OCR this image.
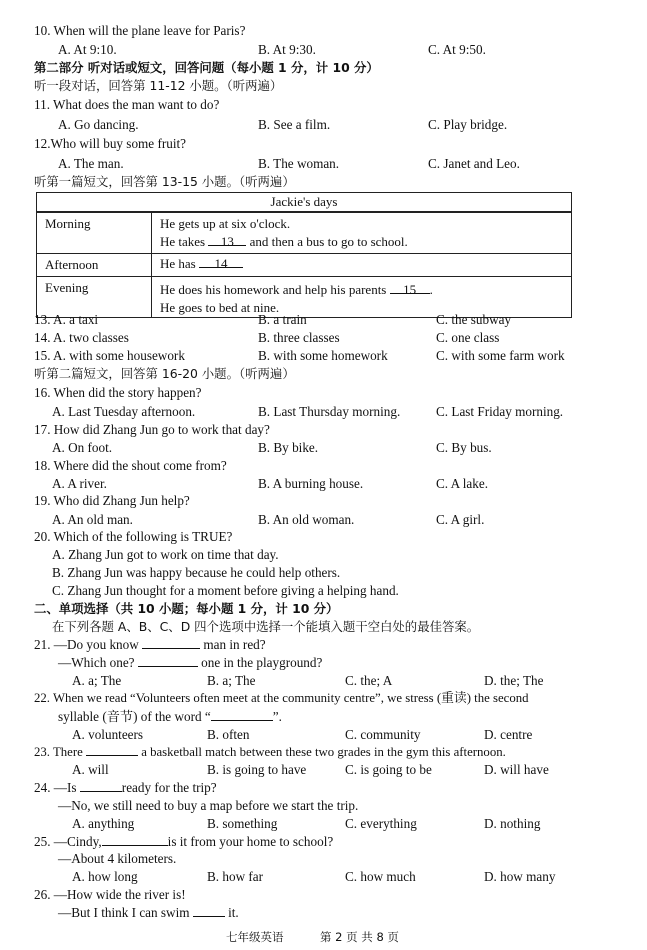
10. When will the plane leave for Paris?
A. At 9:10.	B. At 9:30.	C. At 9:50.
第二部分 听对话或短文，回答问题（每小题 1 分，计 10 分）
听一段对话，回答第 11-12 小题。（听两遍）
11. What does the man want to do?
A. Go dancing.	B. See a film.	C. Play bridge.
12.Who will buy some fruit?
A. The man.	B. The woman.	C. Janet and Leo.
听第一篇短文，回答第 13-15 小题。（听两遍）
Jackie's days	
Morning	He gets up at six o'clock.
He takes 13 and then a bus to go to school.

Afternoon	He has 14
Evening	He does his homework and help his parents 15 .
He goes to bed at nine.
13. A. a taxi	B. a train	C. the subway
14. A. two classes	B. three classes	C. one class
15. A. with some housework	B. with some homework	C. with some farm work
听第二篇短文，回答第 16-20 小题。（听两遍）
16. When did the story happen?
A. Last Tuesday afternoon.	B. Last Thursday morning.	C. Last Friday morning.
17. How did Zhang Jun go to work that day?
A. On foot.	B. By bike.	C. By bus.
18. Where did the shout come from?
A. A river.	B. A burning house.	C. A lake.
19. Who did Zhang Jun help?
A. An old man.	B. An old woman.	C. A girl.
20. Which of the following is TRUE?
A. Zhang Jun got to work on time that day.
B. Zhang Jun was happy because he could help others.
C. Zhang Jun thought for a moment before giving a helping hand.
二、单项选择（共 10 小题；每小题 1 分，计 10 分）
在下列各题 A、B、C、D 四个选项中选择一个能填入题干空白处的最佳答案。
21. —Do you know	man in red?
—Which one?	one in the playground?
A. a; The	B. a; The	C. the; A	D. the; The
22. When we read “Volunteers often meet at the community centre”, we stress (重读) the second
syllable (音节) of the word “	”.
A. volunteers	B. often	C. community	D. centre
23. There	a basketball match between these two grades in the gym this afternoon.
A. will	B. is going to have	C. is going to be	D. will have
24. —Is	ready for the trip?
—No, we still need to buy a map before we start the trip.
A. anything	B. something	C. everything	D. nothing
25. —Cindy,	is it from your home to school?
—About 4 kilometers.
A. how long	B. how far	C. how much	D. how many
26. —How wide the river is!
—But I think I can swim	it.
七年级英语	第 2 页 共 8 页
